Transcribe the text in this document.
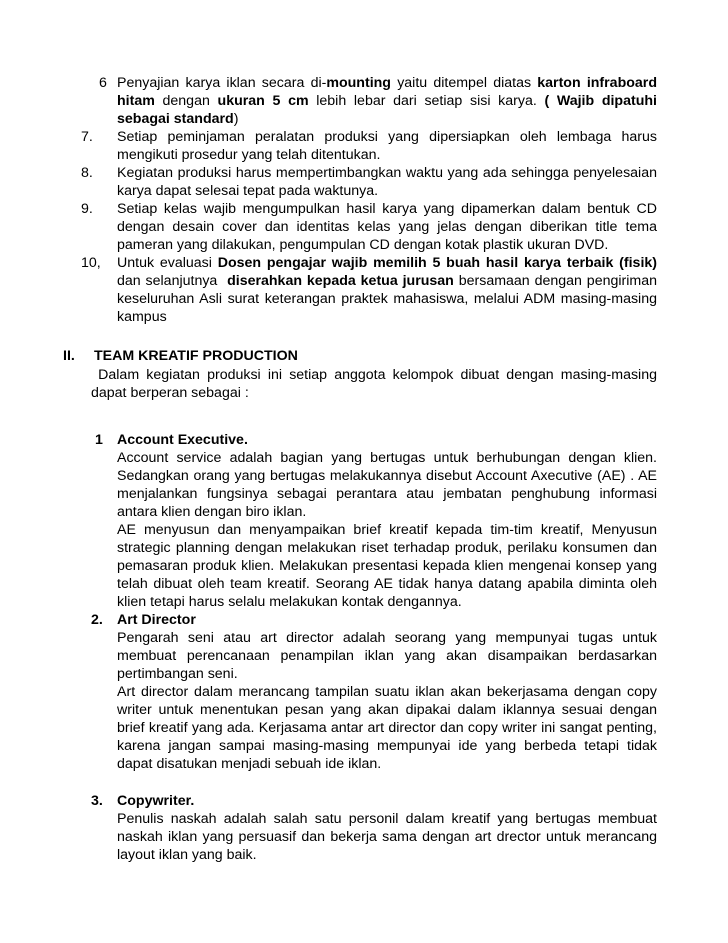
6 Penyajian karya iklan secara di-mounting yaitu ditempel diatas karton infraboard
hitam dengan ukuran 5 cm lebih lebar dari setiap sisi karya. ( Wajib dipatuhi
sebagai standard)
7. Setiap peminjaman peralatan produksi yang dipersiapkan oleh lembaga harus
mengikuti prosedur yang telah ditentukan.
8. Kegiatan produksi harus mempertimbangkan waktu yang ada sehingga penyelesaian
karya dapat selesai tepat pada waktunya.
9. Setiap kelas wajib mengumpulkan hasil karya yang dipamerkan dalam bentuk CD
dengan desain cover dan identitas kelas yang jelas dengan diberikan title tema
pameran yang dilakukan, pengumpulan CD dengan kotak plastik ukuran DVD.
10, Untuk evaluasi Dosen pengajar wajib memilih 5 buah hasil karya terbaik (fisik)
dan selanjutnya  diserahkan kepada ketua jurusan bersamaan dengan pengiriman
keseluruhan Asli surat keterangan praktek mahasiswa, melalui ADM masing-masing
kampus
II. TEAM KREATIF PRODUCTION
Dalam kegiatan produksi ini setiap anggota kelompok dibuat dengan masing-masing
dapat berperan sebagai :
1 Account Executive.
Account service adalah bagian yang bertugas untuk berhubungan dengan klien.
Sedangkan orang yang bertugas melakukannya disebut Account Axecutive (AE) . AE
menjalankan fungsinya sebagai perantara atau jembatan penghubung informasi
antara klien dengan biro iklan.
AE menyusun dan menyampaikan brief kreatif kepada tim-tim kreatif, Menyusun
strategic planning dengan melakukan riset terhadap produk, perilaku konsumen dan
pemasaran produk klien. Melakukan presentasi kepada klien mengenai konsep yang
telah dibuat oleh team kreatif. Seorang AE tidak hanya datang apabila diminta oleh
klien tetapi harus selalu melakukan kontak dengannya.
2. Art Director
Pengarah seni atau art director adalah seorang yang mempunyai tugas untuk
membuat perencanaan penampilan iklan yang akan disampaikan berdasarkan
pertimbangan seni.
Art director dalam merancang tampilan suatu iklan akan bekerjasama dengan copy
writer untuk menentukan pesan yang akan dipakai dalam iklannya sesuai dengan
brief kreatif yang ada. Kerjasama antar art director dan copy writer ini sangat penting,
karena jangan sampai masing-masing mempunyai ide yang berbeda tetapi tidak
dapat disatukan menjadi sebuah ide iklan.
3. Copywriter.
Penulis naskah adalah salah satu personil dalam kreatif yang bertugas membuat
naskah iklan yang persuasif dan bekerja sama dengan art drector untuk merancang
layout iklan yang baik.
